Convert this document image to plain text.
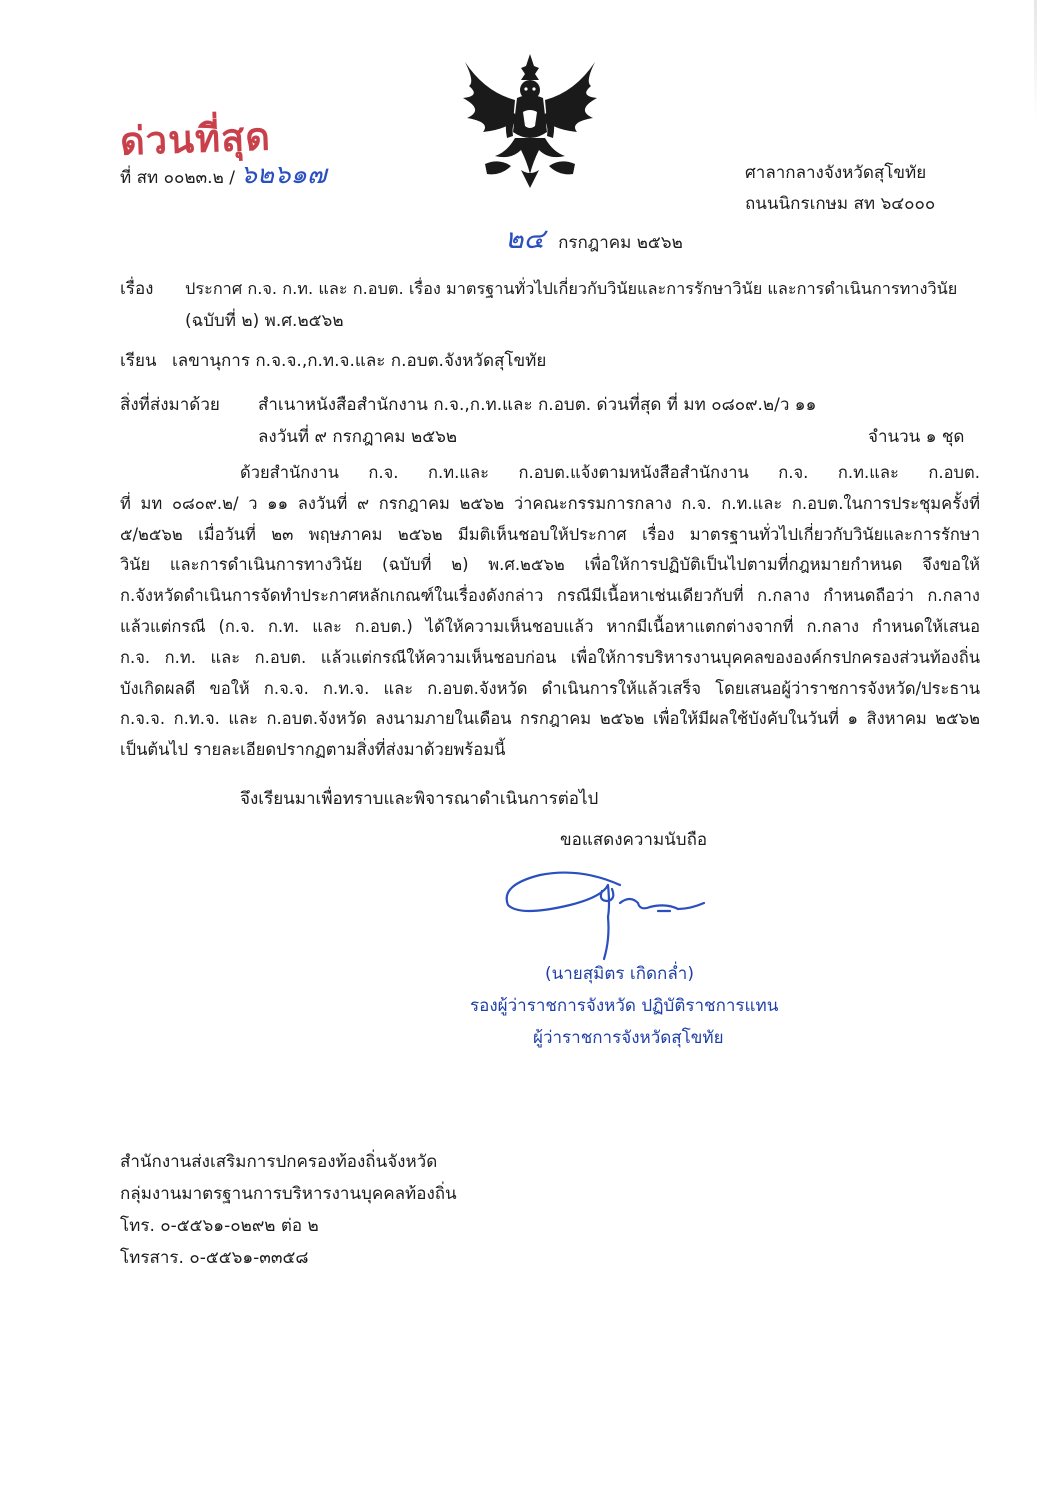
ด่วนที่สุด
ที่ สท ๐๐๒๓.๒ / ๖๒๖๑๗	ศาลากลางจังหวัดสุโขทัย
ถนนนิกรเกษม สท ๖๔๐๐๐
๒๔ กรกฎาคม ๒๕๖๒
เรื่อง ประกาศ ก.จ. ก.ท. และ ก.อบต. เรื่อง มาตรฐานทั่วไปเกี่ยวกับวินัยและการรักษาวินัย และการดำเนินการทางวินัย
(ฉบับที่ ๒) พ.ศ.๒๕๖๒
เรียน เลขานุการ ก.จ.จ.,ก.ท.จ.และ ก.อบต.จังหวัดสุโขทัย
สิ่งที่ส่งมาด้วย สำเนาหนังสือสำนักงาน ก.จ.,ก.ท.และ ก.อบต. ด่วนที่สุด ที่ มท ๐๘๐๙.๒/ว ๑๑
ลงวันที่ ๙ กรกฎาคม ๒๕๖๒	จำนวน ๑ ชุด
ด้วยสำนักงาน ก.จ. ก.ท.และ ก.อบต.แจ้งตามหนังสือสำนักงาน ก.จ. ก.ท.และ ก.อบต.
ที่ มท ๐๘๐๙.๒/ ว ๑๑ ลงวันที่ ๙ กรกฎาคม ๒๕๖๒ ว่าคณะกรรมการกลาง ก.จ. ก.ท.และ ก.อบต.ในการประชุมครั้งที่
๕/๒๕๖๒ เมื่อวันที่ ๒๓ พฤษภาคม ๒๕๖๒ มีมติเห็นชอบให้ประกาศ เรื่อง มาตรฐานทั่วไปเกี่ยวกับวินัยและการรักษา
วินัย และการดำเนินการทางวินัย (ฉบับที่ ๒) พ.ศ.๒๕๖๒ เพื่อให้การปฏิบัติเป็นไปตามที่กฎหมายกำหนด จึงขอให้
ก.จังหวัดดำเนินการจัดทำประกาศหลักเกณฑ์ในเรื่องดังกล่าว กรณีมีเนื้อหาเช่นเดียวกับที่ ก.กลาง กำหนดถือว่า ก.กลาง
แล้วแต่กรณี (ก.จ. ก.ท. และ ก.อบต.) ได้ให้ความเห็นชอบแล้ว หากมีเนื้อหาแตกต่างจากที่ ก.กลาง กำหนดให้เสนอ
ก.จ. ก.ท. และ ก.อบต. แล้วแต่กรณีให้ความเห็นชอบก่อน เพื่อให้การบริหารงานบุคคลขององค์กรปกครองส่วนท้องถิ่น
บังเกิดผลดี ขอให้ ก.จ.จ. ก.ท.จ. และ ก.อบต.จังหวัด ดำเนินการให้แล้วเสร็จ โดยเสนอผู้ว่าราชการจังหวัด/ประธาน
ก.จ.จ. ก.ท.จ. และ ก.อบต.จังหวัด ลงนามภายในเดือน กรกฎาคม ๒๕๖๒ เพื่อให้มีผลใช้บังคับในวันที่ ๑ สิงหาคม ๒๕๖๒
เป็นต้นไป รายละเอียดปรากฏตามสิ่งที่ส่งมาด้วยพร้อมนี้
จึงเรียนมาเพื่อทราบและพิจารณาดำเนินการต่อไป
ขอแสดงความนับถือ
(นายสุมิตร เกิดกล่ำ)
รองผู้ว่าราชการจังหวัด ปฏิบัติราชการแทน
ผู้ว่าราชการจังหวัดสุโขทัย
สำนักงานส่งเสริมการปกครองท้องถิ่นจังหวัด
กลุ่มงานมาตรฐานการบริหารงานบุคคลท้องถิ่น
โทร. ๐-๕๕๖๑-๐๒๙๒ ต่อ ๒
โทรสาร. ๐-๕๕๖๑-๓๓๕๘
